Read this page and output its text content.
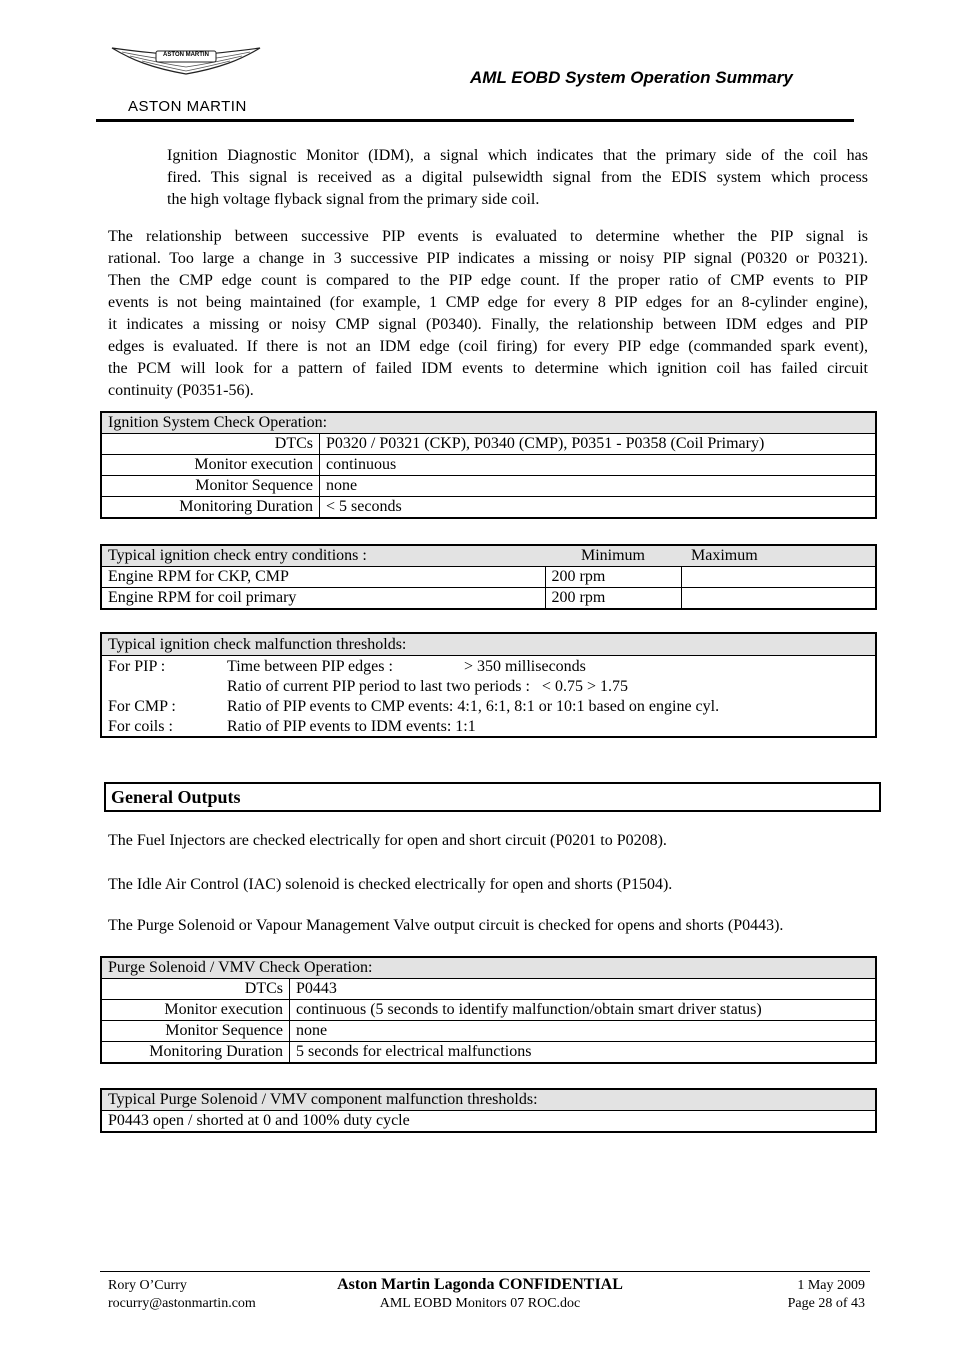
ASTON MARTIN
ASTON MARTIN
AML EOBD System Operation Summary
Ignition Diagnostic Monitor (IDM), a signal which indicates that the primary side of the coil has
fired. This signal is received as a digital pulsewidth signal from the EDIS system which process
the high voltage flyback signal from the primary side coil.
The relationship between successive PIP events is evaluated to determine whether the PIP signal is
rational. Too large a change in 3 successive PIP indicates a missing or noisy PIP signal (P0320 or P0321).
Then the CMP edge count is compared to the PIP edge count. If the proper ratio of CMP events to PIP
events is not being maintained (for example, 1 CMP edge for every 8 PIP edges for an 8-cylinder engine),
it indicates a missing or noisy CMP signal (P0340). Finally, the relationship between IDM edges and PIP
edges is evaluated. If there is not an IDM edge (coil firing) for every PIP edge (commanded spark event),
the PCM will look for a pattern of failed IDM events to determine which ignition coil has failed circuit
continuity (P0351-56).
Ignition System Check Operation:	
DTCs	P0320 / P0321 (CKP), P0340 (CMP), P0351 - P0358 (Coil Primary)
Monitor execution	continuous
Monitor Sequence	none
Monitoring Duration	< 5 seconds
Typical ignition check entry conditions :	Minimum	Maximum
Engine RPM for CKP, CMP	200 rpm	
Engine RPM for coil primary	200 rpm	
Typical ignition check malfunction thresholds:
For PIP :	Time between PIP edges :	> 350 milliseconds
Ratio of current PIP period to last two periods :   < 0.75 > 1.75
For CMP :	Ratio of PIP events to CMP events: 4:1, 6:1, 8:1 or 10:1 based on engine cyl.
For coils :	Ratio of PIP events to IDM events: 1:1
General Outputs
The Fuel Injectors are checked electrically for open and short circuit (P0201 to P0208).
The Idle Air Control (IAC) solenoid is checked electrically for open and shorts (P1504).
The Purge Solenoid or Vapour Management Valve output circuit is checked for opens and shorts (P0443).
Purge Solenoid / VMV Check Operation:	
DTCs	P0443
Monitor execution	continuous (5 seconds to identify malfunction/obtain smart driver status)
Monitor Sequence	none
Monitoring Duration	5 seconds for electrical malfunctions
Typical Purge Solenoid / VMV component malfunction thresholds:
P0443 open / shorted at 0 and 100% duty cycle
Rory O’Curry
rocurry@astonmartin.com
Aston Martin Lagonda CONFIDENTIAL
AML EOBD Monitors 07 ROC.doc
1 May 2009
Page 28 of 43
